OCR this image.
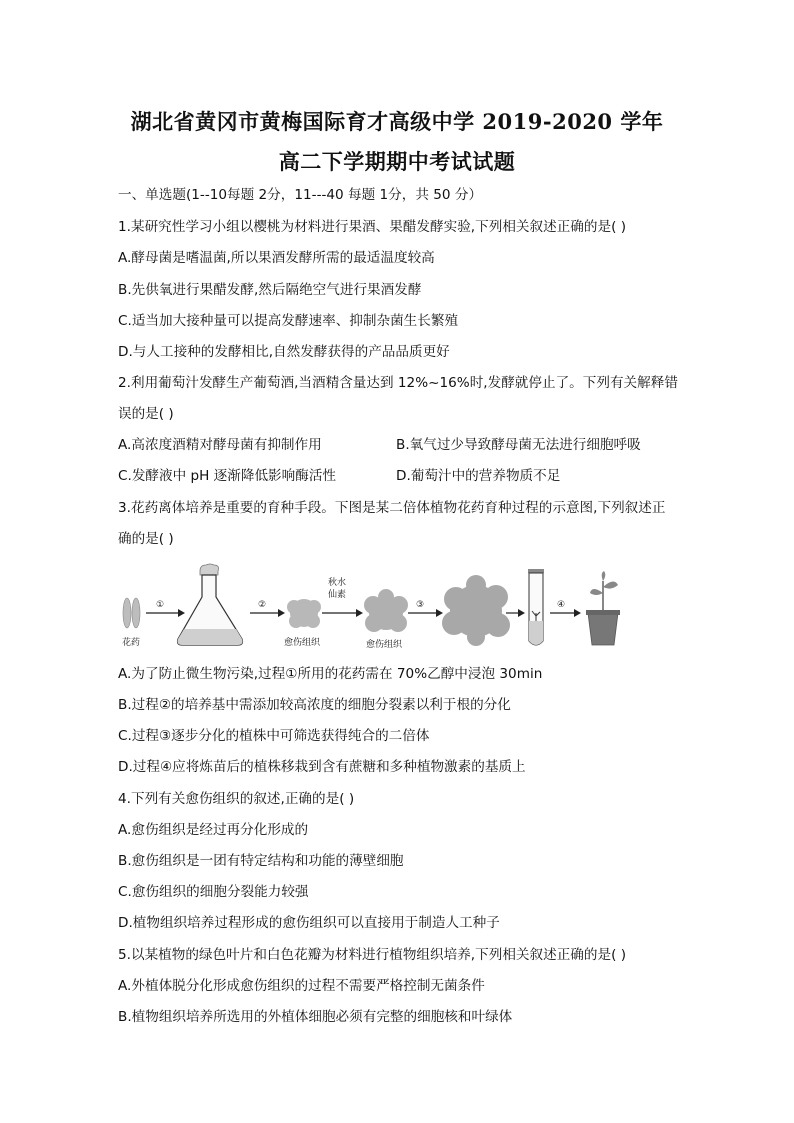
湖北省黄冈市黄梅国际育才高级中学 2019-2020 学年
高二下学期期中考试试题
一、单选题(1--10每题 2分，11---40 每题 1分，共 50 分）
1.某研究性学习小组以樱桃为材料进行果酒、果醋发酵实验,下列相关叙述正确的是( )
A.酵母菌是嗜温菌,所以果酒发酵所需的最适温度较高
B.先供氧进行果醋发酵,然后隔绝空气进行果酒发酵
C.适当加大接种量可以提高发酵速率、抑制杂菌生长繁殖
D.与人工接种的发酵相比,自然发酵获得的产品品质更好
2.利用葡萄汁发酵生产葡萄酒,当酒精含量达到 12%~16%时,发酵就停止了。下列有关解释错
误的是( )
A.高浓度酒精对酵母菌有抑制作用	B.氧气过少导致酵母菌无法进行细胞呼吸
C.发酵液中 pH 逐渐降低影响酶活性	D.葡萄汁中的营养物质不足
3.花药离体培养是重要的育种手段。下图是某二倍体植物花药育种过程的示意图,下列叙述正
确的是( )
花药
①	②
愈伤组织
秋水
仙素
愈伤组织
③	④
A.为了防止微生物污染,过程①所用的花药需在 70%乙醇中浸泡 30min
B.过程②的培养基中需添加较高浓度的细胞分裂素以利于根的分化
C.过程③逐步分化的植株中可筛选获得纯合的二倍体
D.过程④应将炼苗后的植株移栽到含有蔗糖和多种植物激素的基质上
4.下列有关愈伤组织的叙述,正确的是( )
A.愈伤组织是经过再分化形成的
B.愈伤组织是一团有特定结构和功能的薄壁细胞
C.愈伤组织的细胞分裂能力较强
D.植物组织培养过程形成的愈伤组织可以直接用于制造人工种子
5.以某植物的绿色叶片和白色花瓣为材料进行植物组织培养,下列相关叙述正确的是( )
A.外植体脱分化形成愈伤组织的过程不需要严格控制无菌条件
B.植物组织培养所选用的外植体细胞必须有完整的细胞核和叶绿体
